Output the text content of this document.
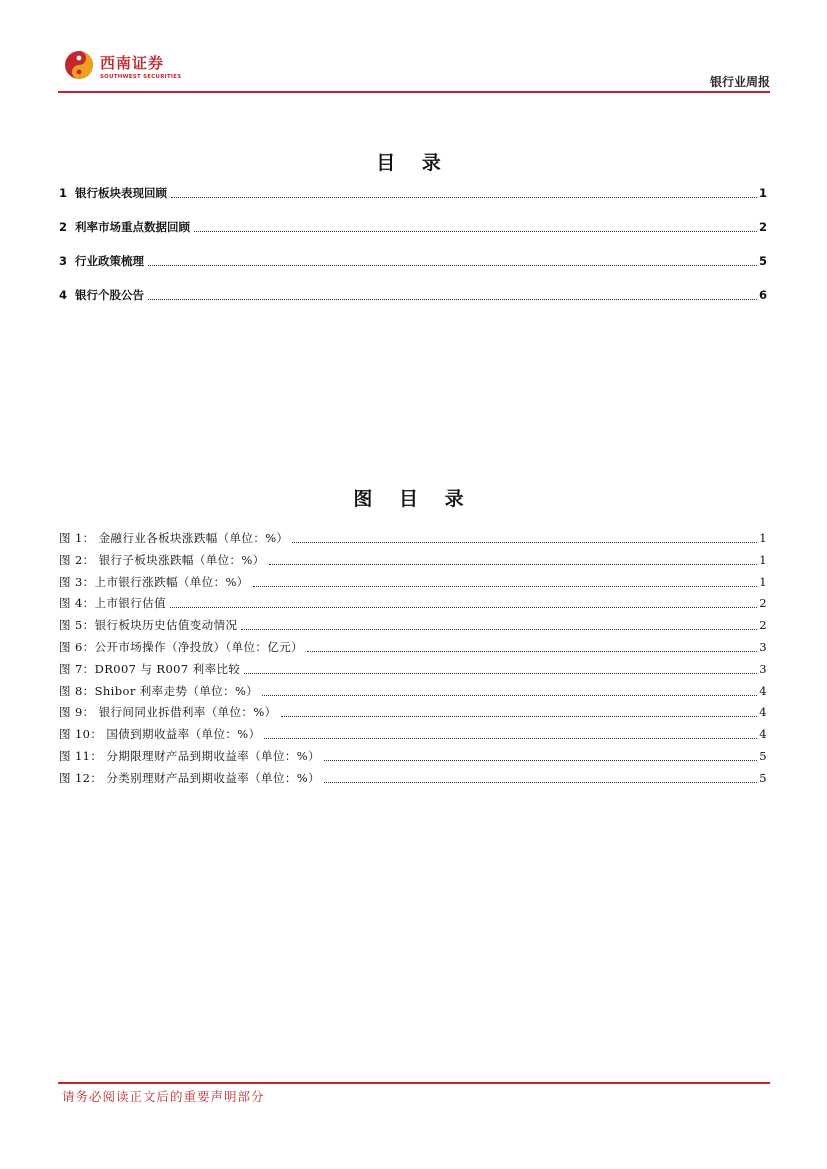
西南证券
SOUTHWEST SECURITIES	银行业周报
目 录
1 银行板块表现回顾	1
2 利率市场重点数据回顾	2
3 行业政策梳理	5
4 银行个股公告	6
图 目 录
图 1： 金融行业各板块涨跌幅（单位：%）	1
图 2： 银行子板块涨跌幅（单位：%）	1
图 3：上市银行涨跌幅（单位：%）	1
图 4：上市银行估值	2
图 5：银行板块历史估值变动情况	2
图 6：公开市场操作（净投放）（单位：亿元）	3
图 7：DR007 与 R007 利率比较	3
图 8：Shibor 利率走势（单位：%）	4
图 9： 银行间同业拆借利率（单位：%）	4
图 10： 国债到期收益率（单位：%）	4
图 11： 分期限理财产品到期收益率（单位：%）	5
图 12： 分类别理财产品到期收益率（单位：%）	5
请务必阅读正文后的重要声明部分
